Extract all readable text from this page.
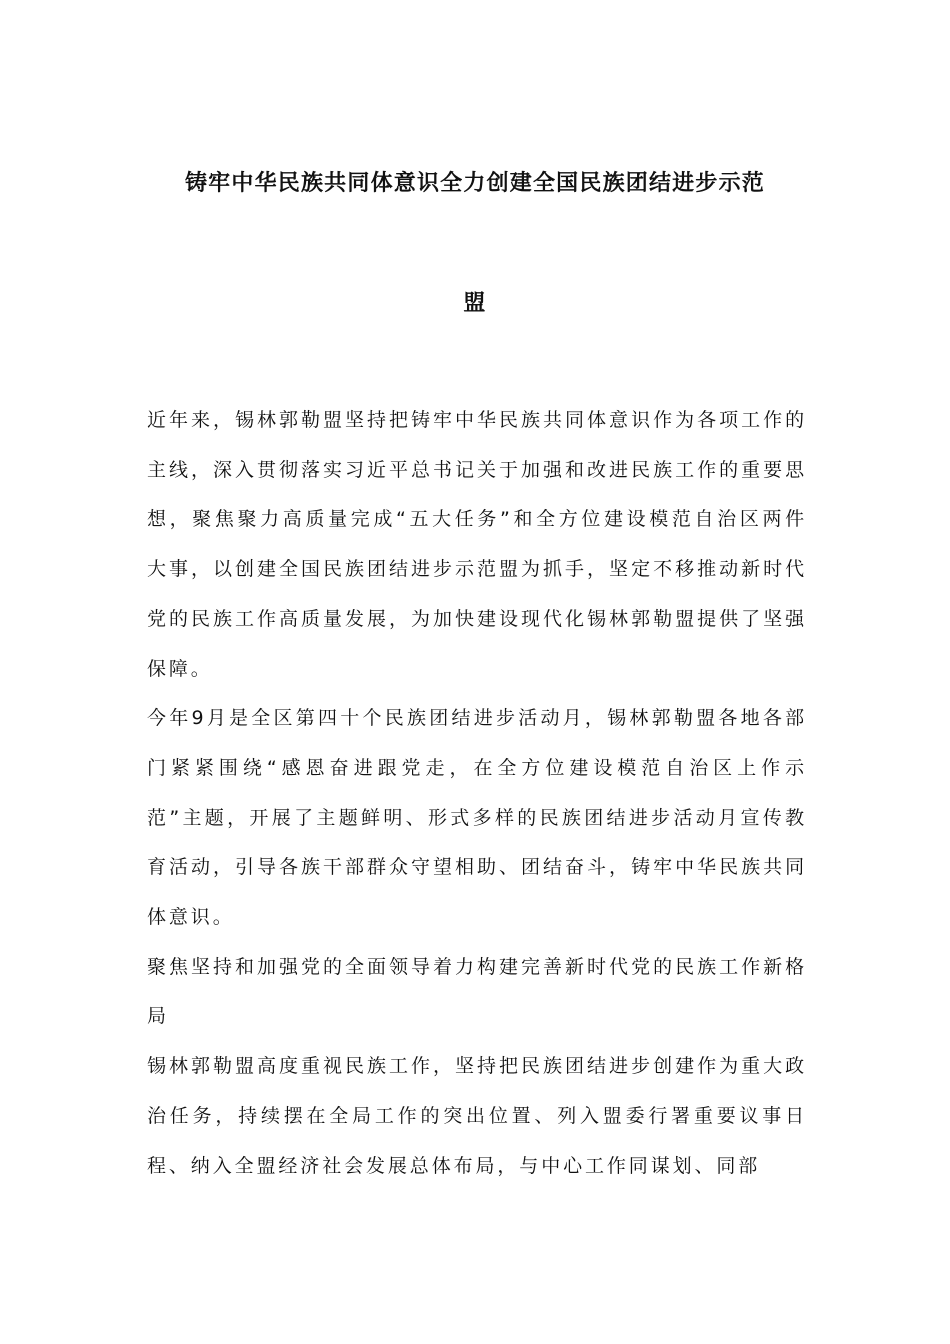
铸牢中华民族共同体意识全力创建全国民族团结进步示范
盟

近年来，锡林郭勒盟坚持把铸牢中华民族共同体意识作为各项工作的主线，深入贯彻落实习近平总书记关于加强和改进民族工作的重要思想，聚焦聚力高质量完成“五大任务”和全方位建设模范自治区两件大事，以创建全国民族团结进步示范盟为抓手，坚定不移推动新时代党的民族工作高质量发展，为加快建设现代化锡林郭勒盟提供了坚强保障。

今年9月是全区第四十个民族团结进步活动月，锡林郭勒盟各地各部门紧紧围绕“感恩奋进跟党走，在全方位建设模范自治区上作示范”主题，开展了主题鲜明、形式多样的民族团结进步活动月宣传教育活动，引导各族干部群众守望相助、团结奋斗，铸牢中华民族共同体意识。

聚焦坚持和加强党的全面领导着力构建完善新时代党的民族工作新格局

锡林郭勒盟高度重视民族工作，坚持把民族团结进步创建作为重大政治任务，持续摆在全局工作的突出位置、列入盟委行署重要议事日程、纳入全盟经济社会发展总体布局，与中心工作同谋划、同部
